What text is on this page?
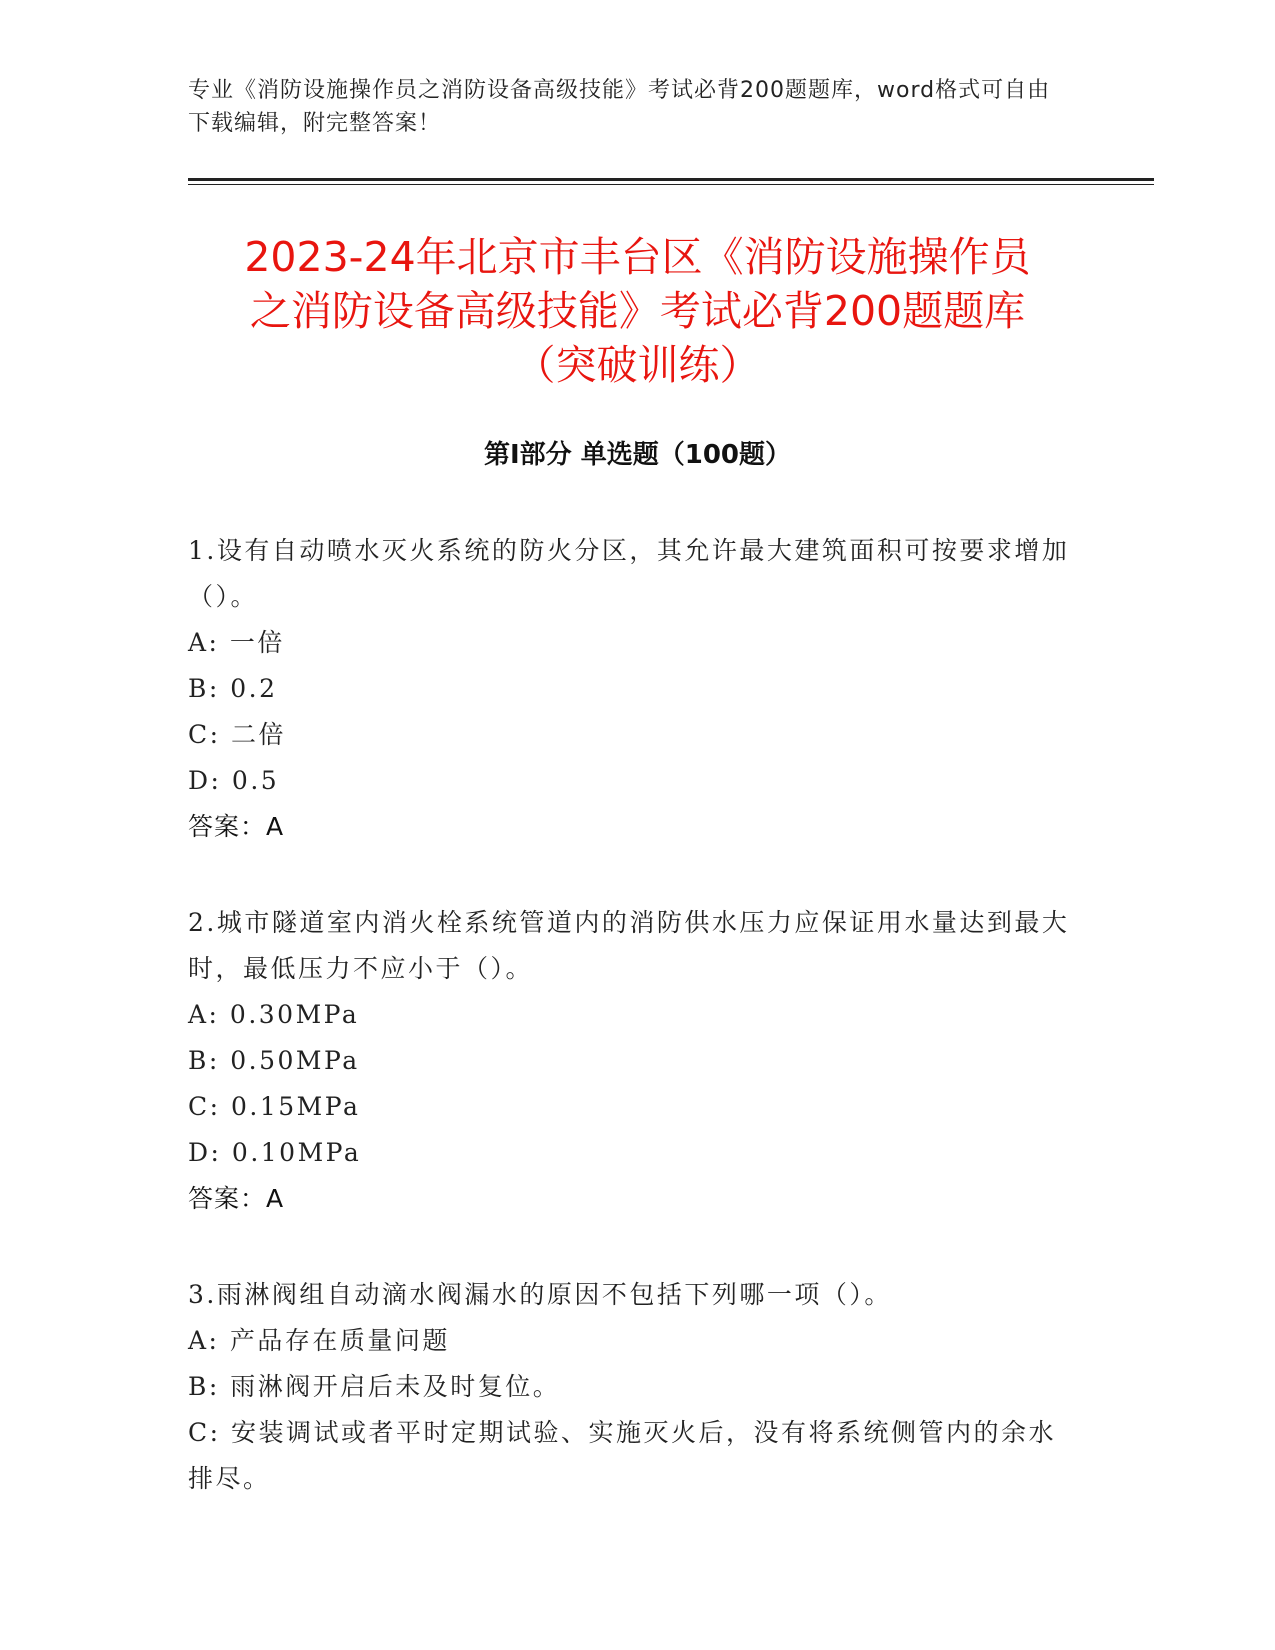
专业《消防设施操作员之消防设备高级技能》考试必背200题题库，word格式可自由下载编辑，附完整答案！
2023-24年北京市丰台区《消防设施操作员
之消防设备高级技能》考试必背200题题库
（突破训练）
第I部分 单选题（100题）
1.设有自动喷水灭火系统的防火分区，其允许最大建筑面积可按要求增加（）。
A: 一倍
B: 0.2
C: 二倍
D: 0.5
答案：A
2.城市隧道室内消火栓系统管道内的消防供水压力应保证用水量达到最大时，最低压力不应小于（）。
A: 0.30MPa
B: 0.50MPa
C: 0.15MPa
D: 0.10MPa
答案：A
3.雨淋阀组自动滴水阀漏水的原因不包括下列哪一项（）。
A: 产品存在质量问题
B: 雨淋阀开启后未及时复位。
C: 安装调试或者平时定期试验、实施灭火后，没有将系统侧管内的余水排尽。
